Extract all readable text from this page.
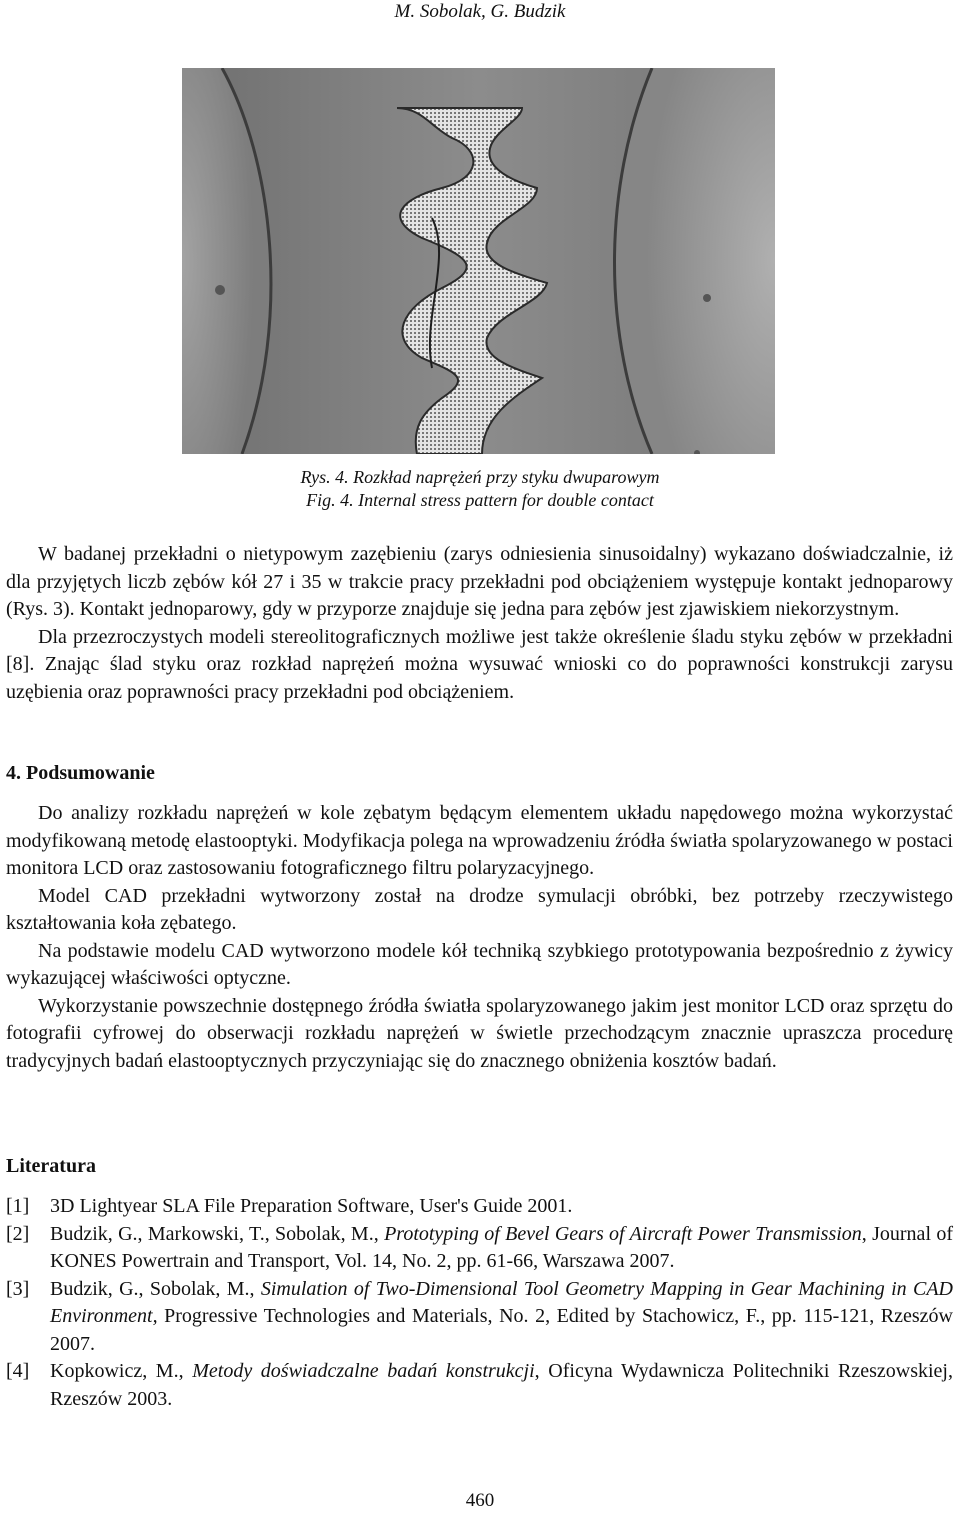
M. Sobolak, G. Budzik
Rys. 4. Rozkład naprężeń przy styku dwuparowym
Fig. 4. Internal stress pattern for double contact

W badanej przekładni o nietypowym zazębieniu (zarys odniesienia sinusoidalny) wykazano doświadczalnie, iż dla przyjętych liczb zębów kół 27 i 35 w trakcie pracy przekładni pod obciążeniem występuje kontakt jednoparowy (Rys. 3). Kontakt jednoparowy, gdy w przyporze znajduje się jedna para zębów jest zjawiskiem niekorzystnym.

Dla przezroczystych modeli stereolitograficznych możliwe jest także określenie śladu styku zębów w przekładni [8]. Znając ślad styku oraz rozkład naprężeń można wysuwać wnioski co do poprawności konstrukcji zarysu uzębienia oraz poprawności pracy przekładni pod obciążeniem.

4. Podsumowanie

Do analizy rozkładu naprężeń w kole zębatym będącym elementem układu napędowego można wykorzystać modyfikowaną metodę elastooptyki. Modyfikacja polega na wprowadzeniu źródła światła spolaryzowanego w postaci monitora LCD oraz zastosowaniu fotograficznego filtru polaryzacyjnego.

Model CAD przekładni wytworzony został na drodze symulacji obróbki, bez potrzeby rzeczywistego kształtowania koła zębatego.

Na podstawie modelu CAD wytworzono modele kół techniką szybkiego prototypowania bezpośrednio z żywicy wykazującej właściwości optyczne.

Wykorzystanie powszechnie dostępnego źródła światła spolaryzowanego jakim jest monitor LCD oraz sprzętu do fotografii cyfrowej do obserwacji rozkładu naprężeń w świetle przechodzącym znacznie upraszcza procedurę tradycyjnych badań elastooptycznych przyczyniając się do znacznego obniżenia kosztów badań.

Literatura
[1]	3D Lightyear SLA File Preparation Software, User's Guide 2001.
[2]	Budzik, G., Markowski, T., Sobolak, M., Prototyping of Bevel Gears of Aircraft Power Transmission, Journal of KONES Powertrain and Transport, Vol. 14, No. 2, pp. 61-66, Warszawa 2007.
[3]	Budzik, G., Sobolak, M., Simulation of Two-Dimensional Tool Geometry Mapping in Gear Machining in CAD Environment, Progressive Technologies and Materials, No. 2, Edited by Stachowicz, F., pp. 115-121, Rzeszów 2007.
[4]	Kopkowicz, M., Metody doświadczalne badań konstrukcji, Oficyna Wydawnicza Politechniki Rzeszowskiej, Rzeszów 2003.
460
